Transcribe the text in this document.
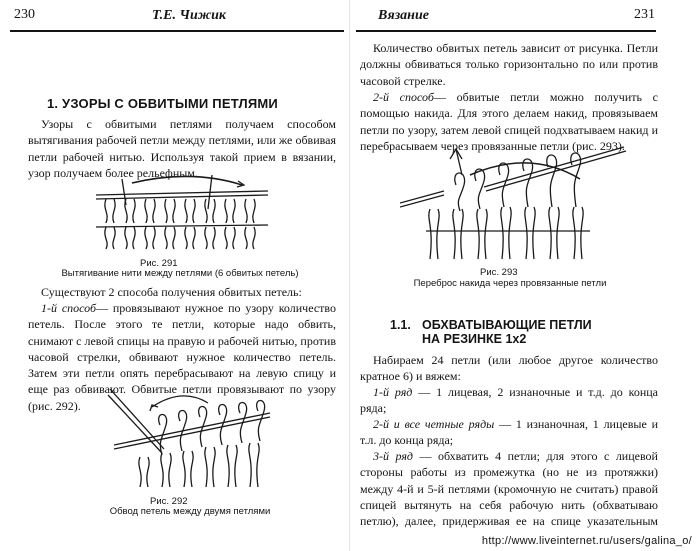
230	Т.Е. Чижик
1. УЗОРЫ С ОБВИТЫМИ ПЕТЛЯМИ

Узоры с обвитыми петлями получаем способом вытягивания рабочей петли между петлями, или же обвивая петли рабочей нитью. Используя такой прием в вязании, узор получаем более рельефным.

Рис. 291
Вытягивание нити между петлями (6 обвитых петель)

Существуют 2 способа получения обвитых петель:

1-й способ— провязывают нужное по узору количество петель. После этого те петли, которые надо обвить, снимают с левой спицы на правую и рабочей нитью, против часовой стрелки, обвивают нужное количество петель. Затем эти петли опять перебрасывают на левую спицу и еще раз обвивают. Обвитые петли провязывают по узору (рис. 292).

Рис. 292
Обвод петель между двумя петлями
Вязание	231

Количество обвитых петель зависит от рисунка. Петли должны обвиваться только горизонтально по или против часовой стрелке.

2-й способ— обвитые петли можно получить с помощью накида. Для этого делаем накид, провязываем петли по узору, затем левой спицей подхватываем накид и перебрасываем через провязанные петли (рис. 293).

Рис. 293
Переброс накида через провязанные петли
1.1. ОБХВАТЫВАЮЩИЕ ПЕТЛИ
НА РЕЗИНКЕ 1x2

Набираем 24 петли (или любое другое количество кратное 6) и вяжем:

1-й ряд — 1 лицевая, 2 изнаночные и т.д. до конца ряда;

2-й и все четные ряды — 1 изнаночная, 1 лицевые и т.л. до конца ряда;

3-й ряд — обхватить 4 петли; для этого с лицевой стороны работы из промежутка (но не из протяжки) между 4-й и 5-й петлями (кромочную не считать) правой спицей вытянуть на себя рабочую нить (обхватываю петлю), далее, придерживая ее на спице указательным

http://www.liveinternet.ru/users/galina_o/
